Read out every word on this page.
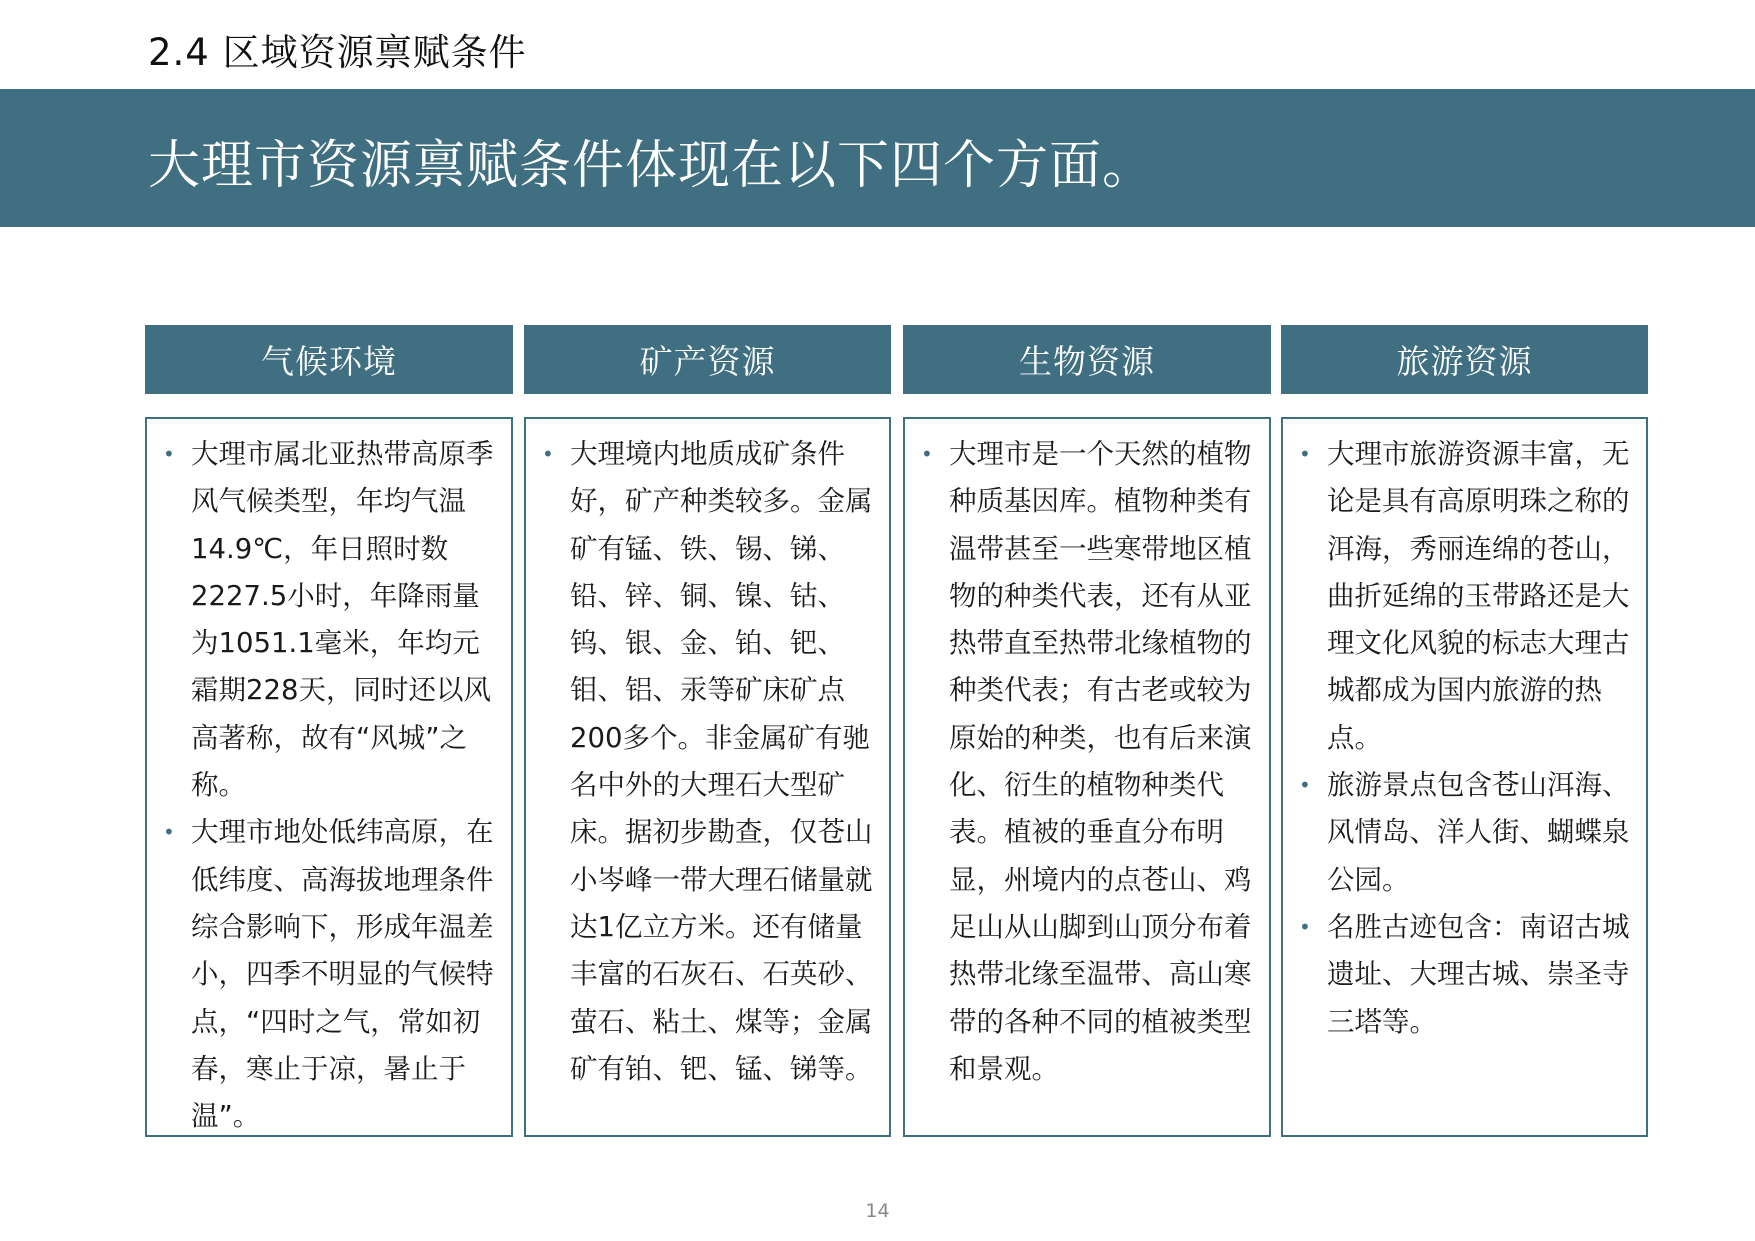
2.4 区域资源禀赋条件
大理市资源禀赋条件体现在以下四个方面。
气候环境
• 大理市属北亚热带高原季风气候类型，年均气温14.9℃，年日照时数2227.5小时，年降雨量为1051.1毫米，年均元霜期228天，同时还以风高著称，故有“风城”之称。
• 大理市地处低纬高原，在低纬度、高海拔地理条件综合影响下，形成年温差小，四季不明显的气候特点，“四时之气，常如初春，寒止于凉，暑止于温”。
矿产资源
• 大理境内地质成矿条件好，矿产种类较多。金属矿有锰、铁、锡、锑、铅、锌、铜、镍、钴、钨、银、金、铂、钯、钼、铝、汞等矿床矿点200多个。非金属矿有驰名中外的大理石大型矿床。据初步勘查，仅苍山小岑峰一带大理石储量就达1亿立方米。还有储量丰富的石灰石、石英砂、萤石、粘土、煤等；金属矿有铂、钯、锰、锑等。
生物资源
• 大理市是一个天然的植物种质基因库。植物种类有温带甚至一些寒带地区植物的种类代表，还有从亚热带直至热带北缘植物的种类代表；有古老或较为原始的种类，也有后来演化、衍生的植物种类代表。植被的垂直分布明显，州境内的点苍山、鸡足山从山脚到山顶分布着热带北缘至温带、高山寒带的各种不同的植被类型和景观。
旅游资源
• 大理市旅游资源丰富，无论是具有高原明珠之称的洱海，秀丽连绵的苍山，曲折延绵的玉带路还是大理文化风貌的标志大理古城都成为国内旅游的热点。
• 旅游景点包含苍山洱海、风情岛、洋人街、蝴蝶泉公园。
• 名胜古迹包含：南诏古城遗址、大理古城、崇圣寺三塔等。
14
